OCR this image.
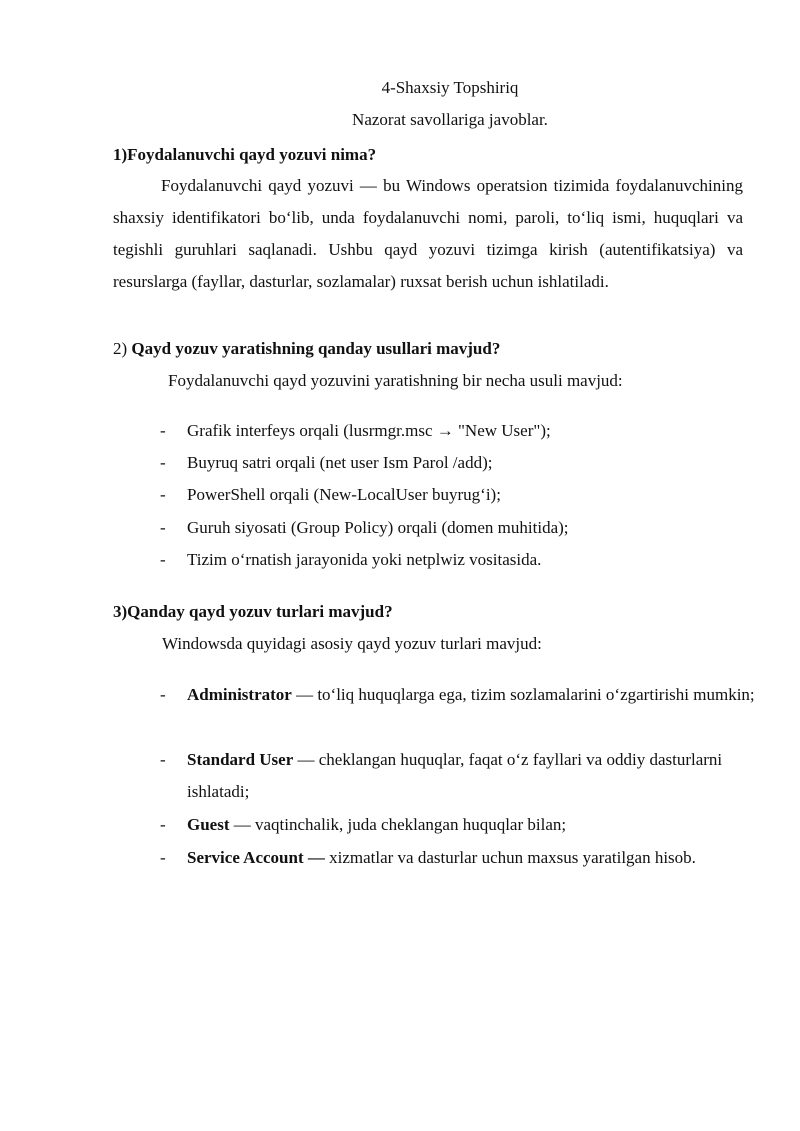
4-Shaxsiy Topshiriq
Nazorat savollariga javoblar.
1)Foydalanuvchi qayd yozuvi nima?
Foydalanuvchi qayd yozuvi — bu Windows operatsion tizimida foydalanuvchining shaxsiy identifikatori bo‘lib, unda foydalanuvchi nomi, paroli, to‘liq ismi, huquqlari va tegishli guruhlari saqlanadi. Ushbu qayd yozuvi tizimga kirish (autentifikatsiya) va resurslarga (fayllar, dasturlar, sozlamalar) ruxsat berish uchun ishlatiladi.
2) Qayd yozuv yaratishning qanday usullari mavjud?
Foydalanuvchi qayd yozuvini yaratishning bir necha usuli mavjud:
- Grafik interfeys orqali (lusrmgr.msc → "New User");
- Buyruq satri orqali (net user Ism Parol /add);
- PowerShell orqali (New-LocalUser buyrug‘i);
- Guruh siyosati (Group Policy) orqali (domen muhitida);
- Tizim o‘rnatish jarayonida yoki netplwiz vositasida.
3)Qanday qayd yozuv turlari mavjud?
Windowsda quyidagi asosiy qayd yozuv turlari mavjud:
- Administrator — to‘liq huquqlarga ega, tizim sozlamalarini o‘zgartirishi mumkin;
- Standard User — cheklangan huquqlar, faqat o‘z fayllari va oddiy dasturlarni ishlatadi;
- Guest — vaqtinchalik, juda cheklangan huquqlar bilan;
- Service Account — xizmatlar va dasturlar uchun maxsus yaratilgan hisob.
